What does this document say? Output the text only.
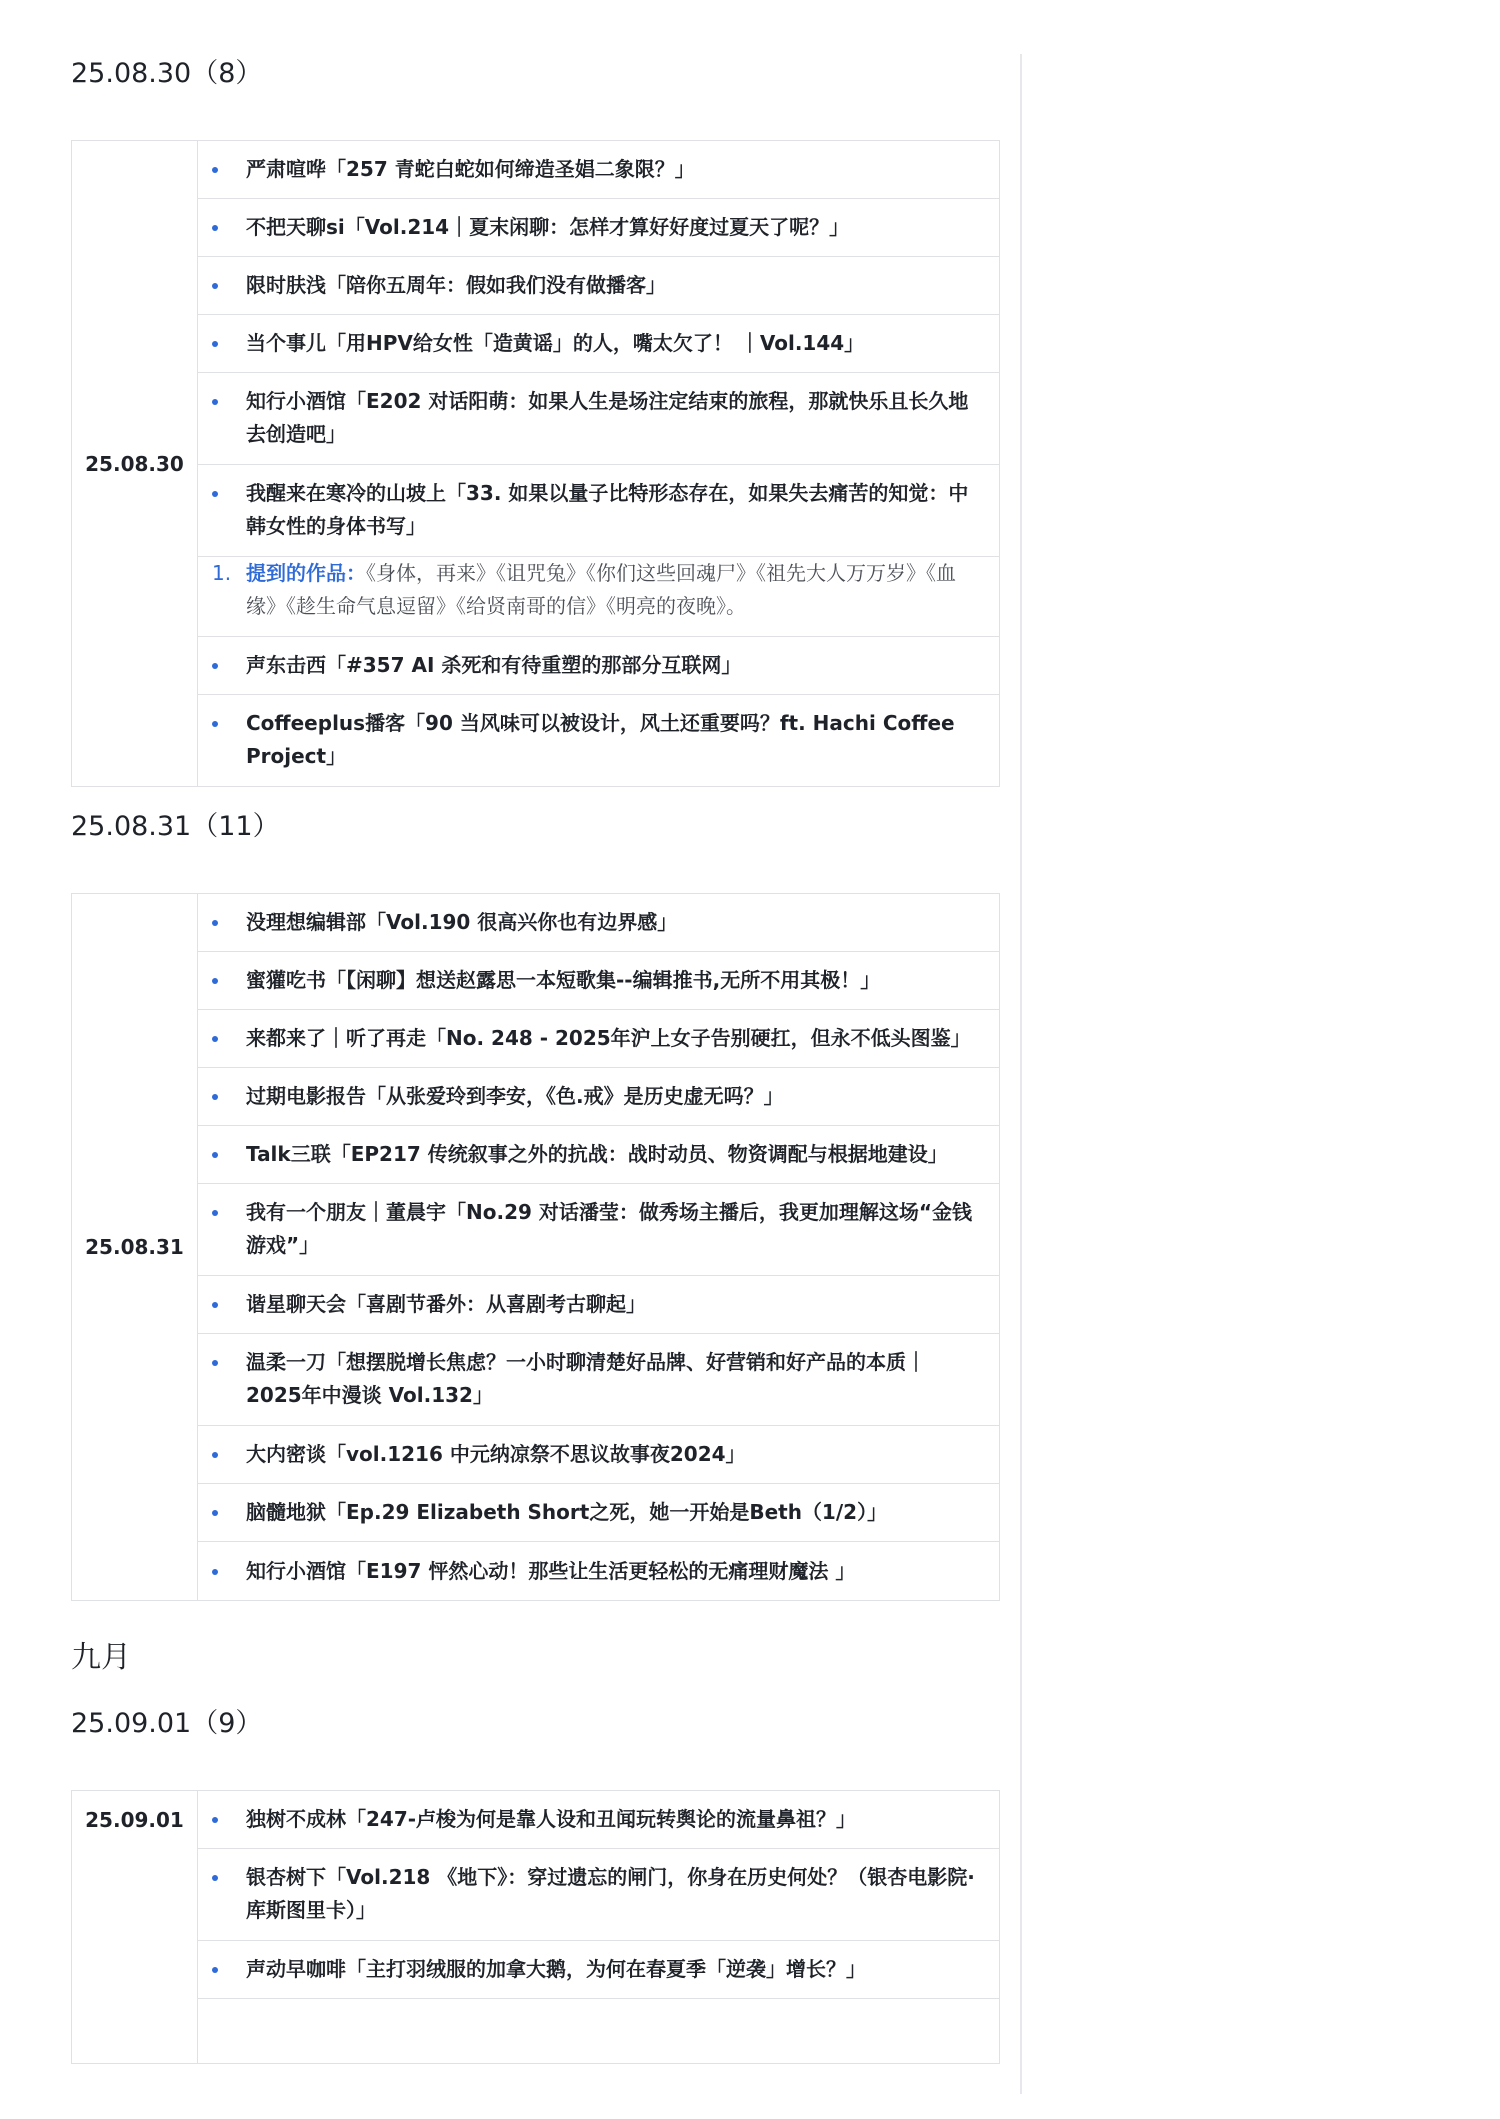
25.08.30（8）
25.08.30	
严肃喧哗「257 青蛇白蛇如何缔造圣娼二象限？」
不把天聊si「Vol.214｜夏末闲聊：怎样才算好好度过夏天了呢？」
限时肤浅「陪你五周年：假如我们没有做播客」
当个事儿「用HPV给女性「造黄谣」的人，嘴太欠了！ ｜Vol.144」
知行小酒馆「E202 对话阳萌：如果人生是场注定结束的旅程，那就快乐且长久地去创造吧」
我醒来在寒冷的山坡上「33. 如果以量子比特形态存在，如果失去痛苦的知觉：中韩女性的身体书写」
1. 提到的作品：《身体，再来》《诅咒兔》《你们这些回魂尸》《祖先大人万万岁》《血缘》《趁生命气息逗留》《给贤南哥的信》《明亮的夜晚》。
声东击西「#357 AI 杀死和有待重塑的那部分互联网」
Coffeeplus播客「90 当风味可以被设计，风土还重要吗？ft. Hachi Coffee Project」
25.08.31（11）
25.08.31	
没理想编辑部「Vol.190 很高兴你也有边界感」
蜜獾吃书「【闲聊】想送赵露思一本短歌集--编辑推书,无所不用其极！」
来都来了｜听了再走「No. 248 - 2025年沪上女子告别硬扛，但永不低头图鉴」
过期电影报告「从张爱玲到李安，《色.戒》是历史虚无吗？」
Talk三联「EP217 传统叙事之外的抗战：战时动员、物资调配与根据地建设」
我有一个朋友｜董晨宇「No.29 对话潘莹：做秀场主播后，我更加理解这场“金钱游戏”」
谐星聊天会「喜剧节番外：从喜剧考古聊起」
温柔一刀「想摆脱增长焦虑？一小时聊清楚好品牌、好营销和好产品的本质｜2025年中漫谈 Vol.132」
大内密谈「vol.1216 中元纳凉祭不思议故事夜2024」
脑髓地狱「Ep.29 Elizabeth Short之死，她一开始是Beth（1/2）」
知行小酒馆「E197 怦然心动！那些让生活更轻松的无痛理财魔法 」
九月
25.09.01（9）
25.09.01	独树不成林「247-卢梭为何是靠人设和丑闻玩转舆论的流量鼻祖？」
银杏树下「Vol.218 《地下》：穿过遗忘的闸门，你身在历史何处？（银杏电影院·库斯图里卡）」
声动早咖啡「主打羽绒服的加拿大鹅，为何在春夏季「逆袭」增长？」
